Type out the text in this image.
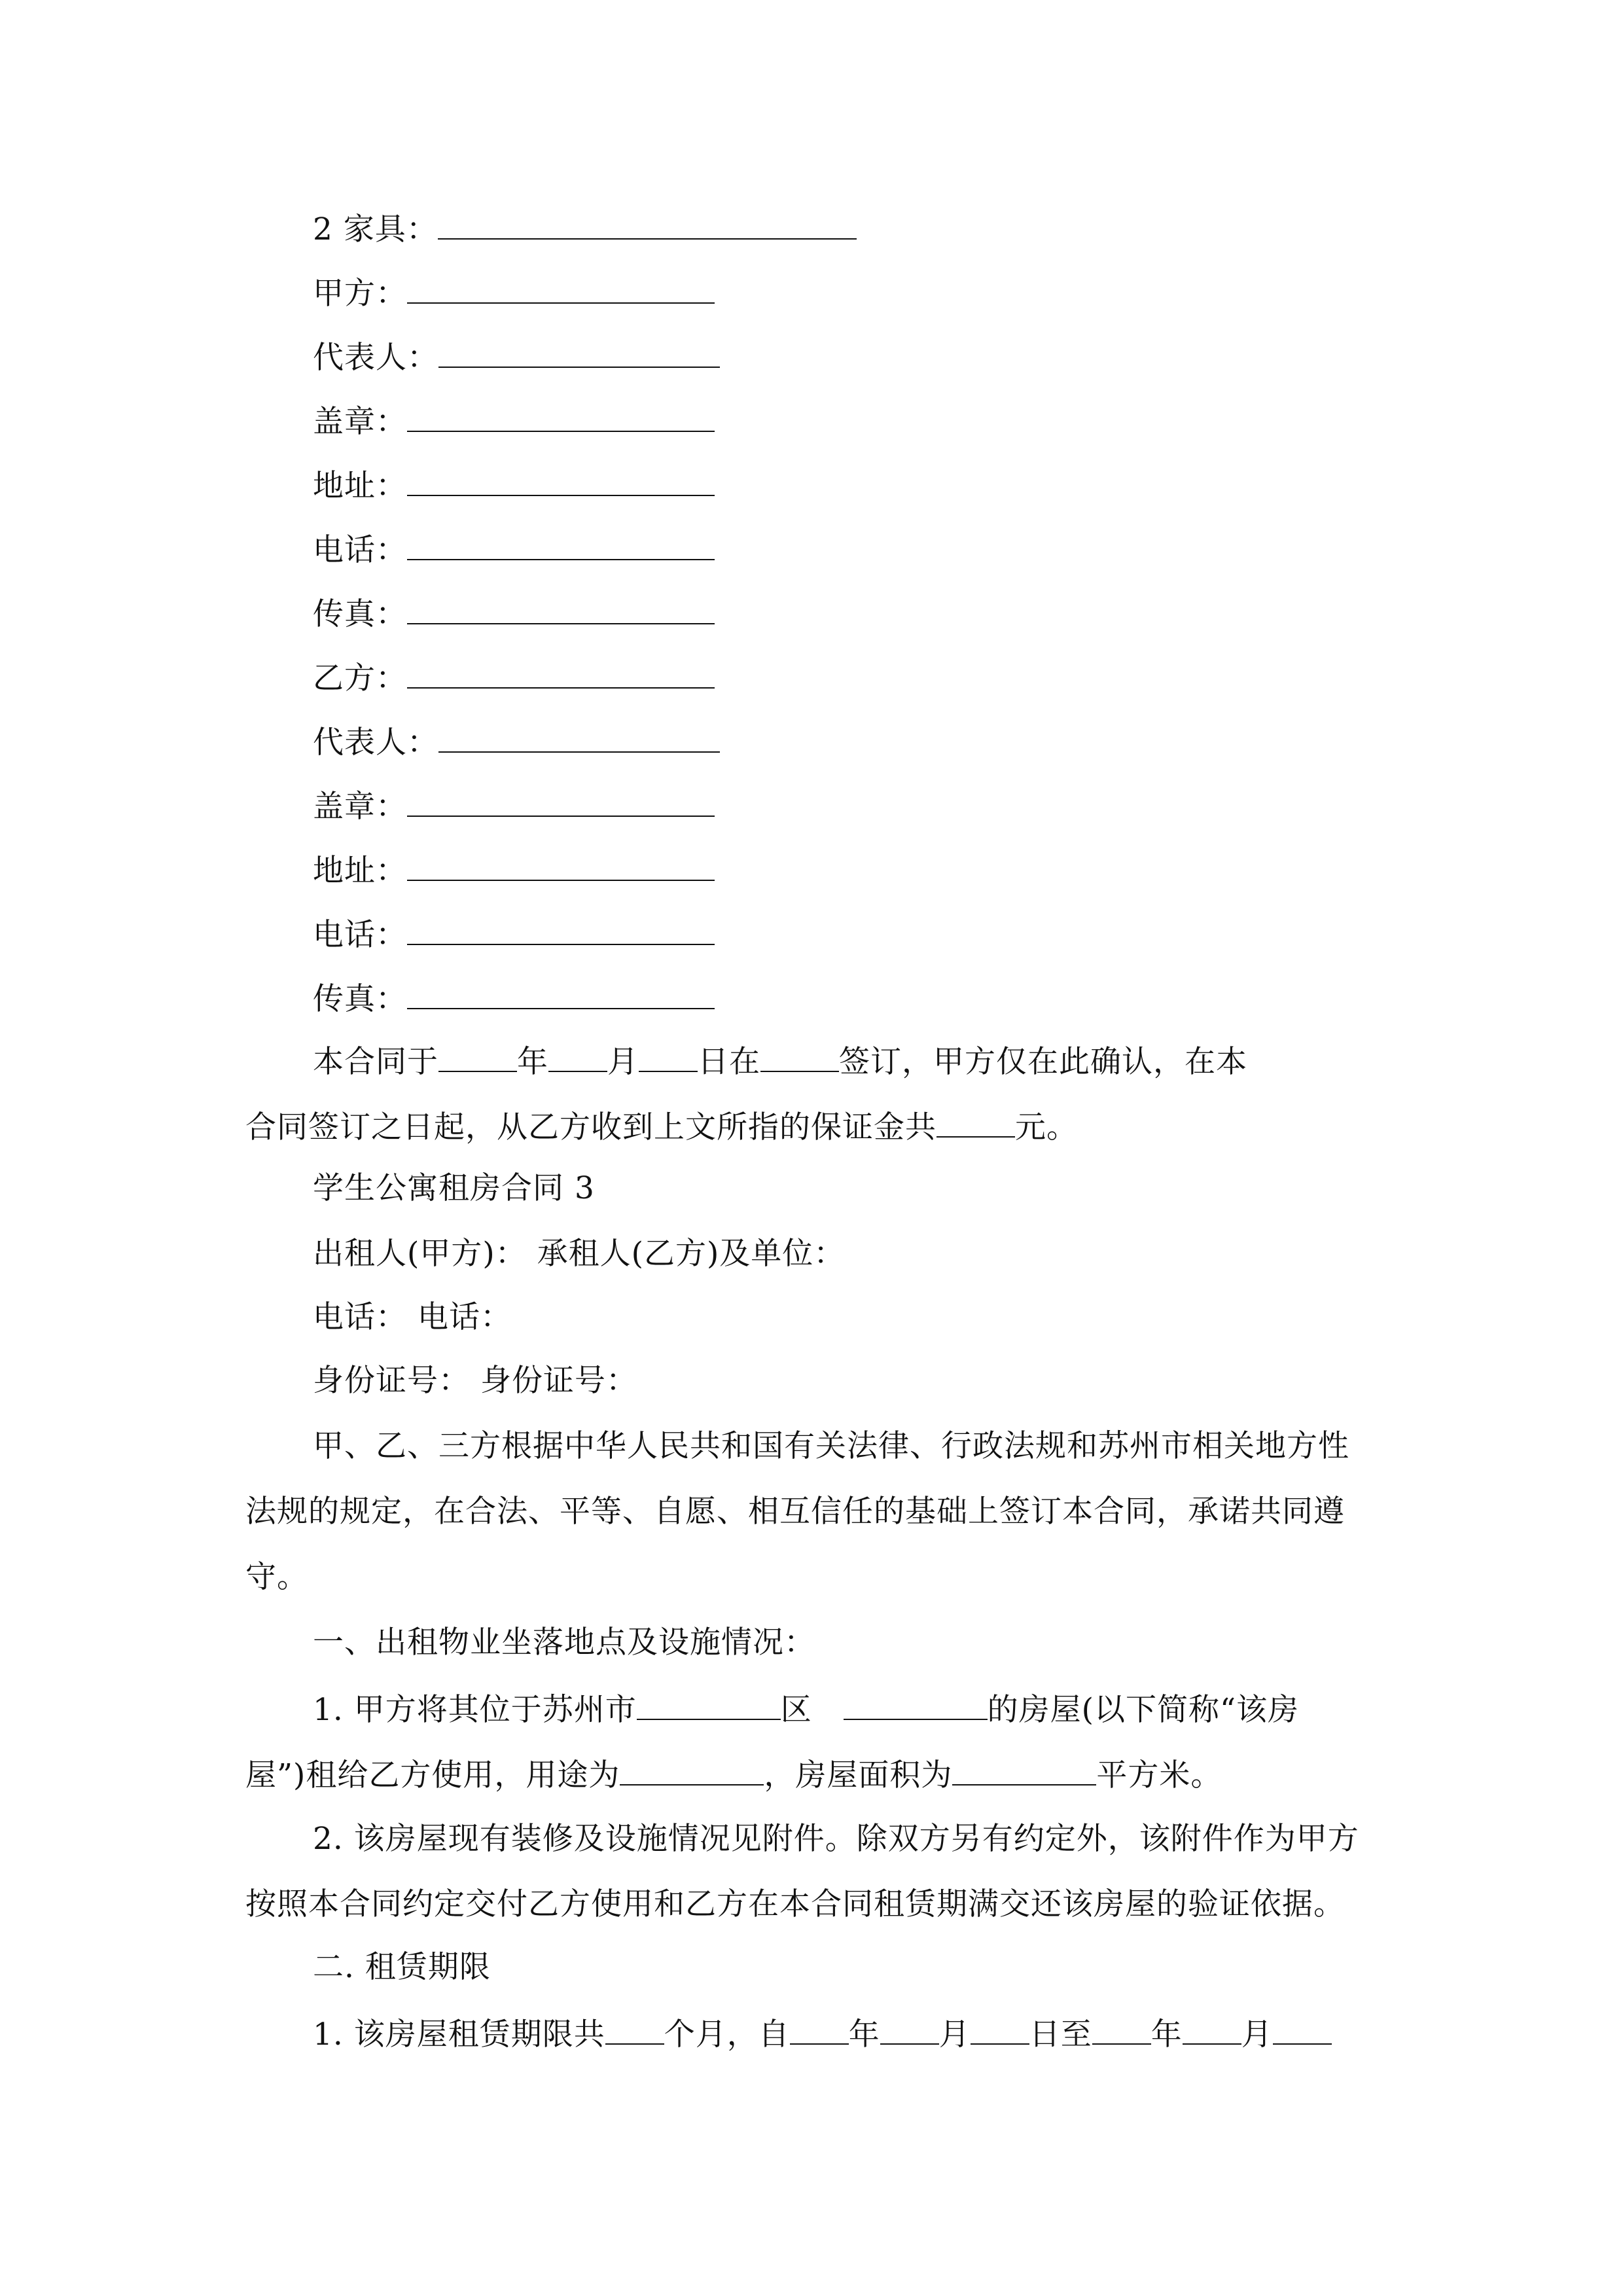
2 家具：
甲方：
代表人：
盖章：
地址：
电话：
传真：
乙方：
代表人：
盖章：
地址：
电话：
传真：
本合同于	年 月 日在	签订，甲方仅在此确认，在本
合同签订之日起，从乙方收到上文所指的保证金共	元。
学生公寓租房合同 3
出租人(甲方)： 承租人(乙方)及单位：
电话： 电话：
身份证号： 身份证号：
甲、乙、三方根据中华人民共和国有关法律、行政法规和苏州市相关地方性
法规的规定，在合法、平等、自愿、相互信任的基础上签订本合同，承诺共同遵
守。
一、出租物业坐落地点及设施情况：
1. 甲方将其位于苏州市	区	的房屋(以下简称“该房
屋”)租给乙方使用，用途为	，房屋面积为	平方米。
2. 该房屋现有装修及设施情况见附件。除双方另有约定外，该附件作为甲方
按照本合同约定交付乙方使用和乙方在本合同租赁期满交还该房屋的验证依据。
二. 租赁期限
1. 该房屋租赁期限共 个月，自 年 月 日至 年 月
